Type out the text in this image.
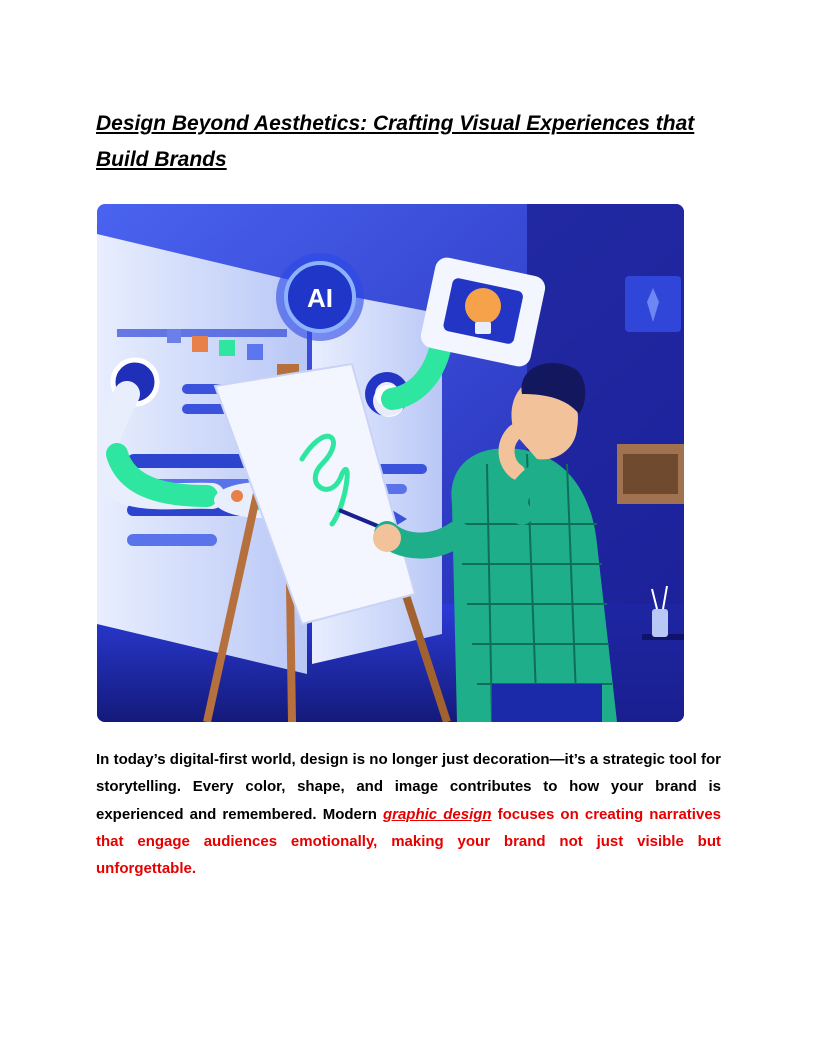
Design Beyond Aesthetics: Crafting Visual Experiences that Build Brands
AI

In today’s digital-first world, design is no longer just decoration—it’s a strategic tool for storytelling. Every color, shape, and image contributes to how your brand is experienced and remembered. Modern graphic design focuses on creating narratives that engage audiences emotionally, making your brand not just visible but unforgettable.
